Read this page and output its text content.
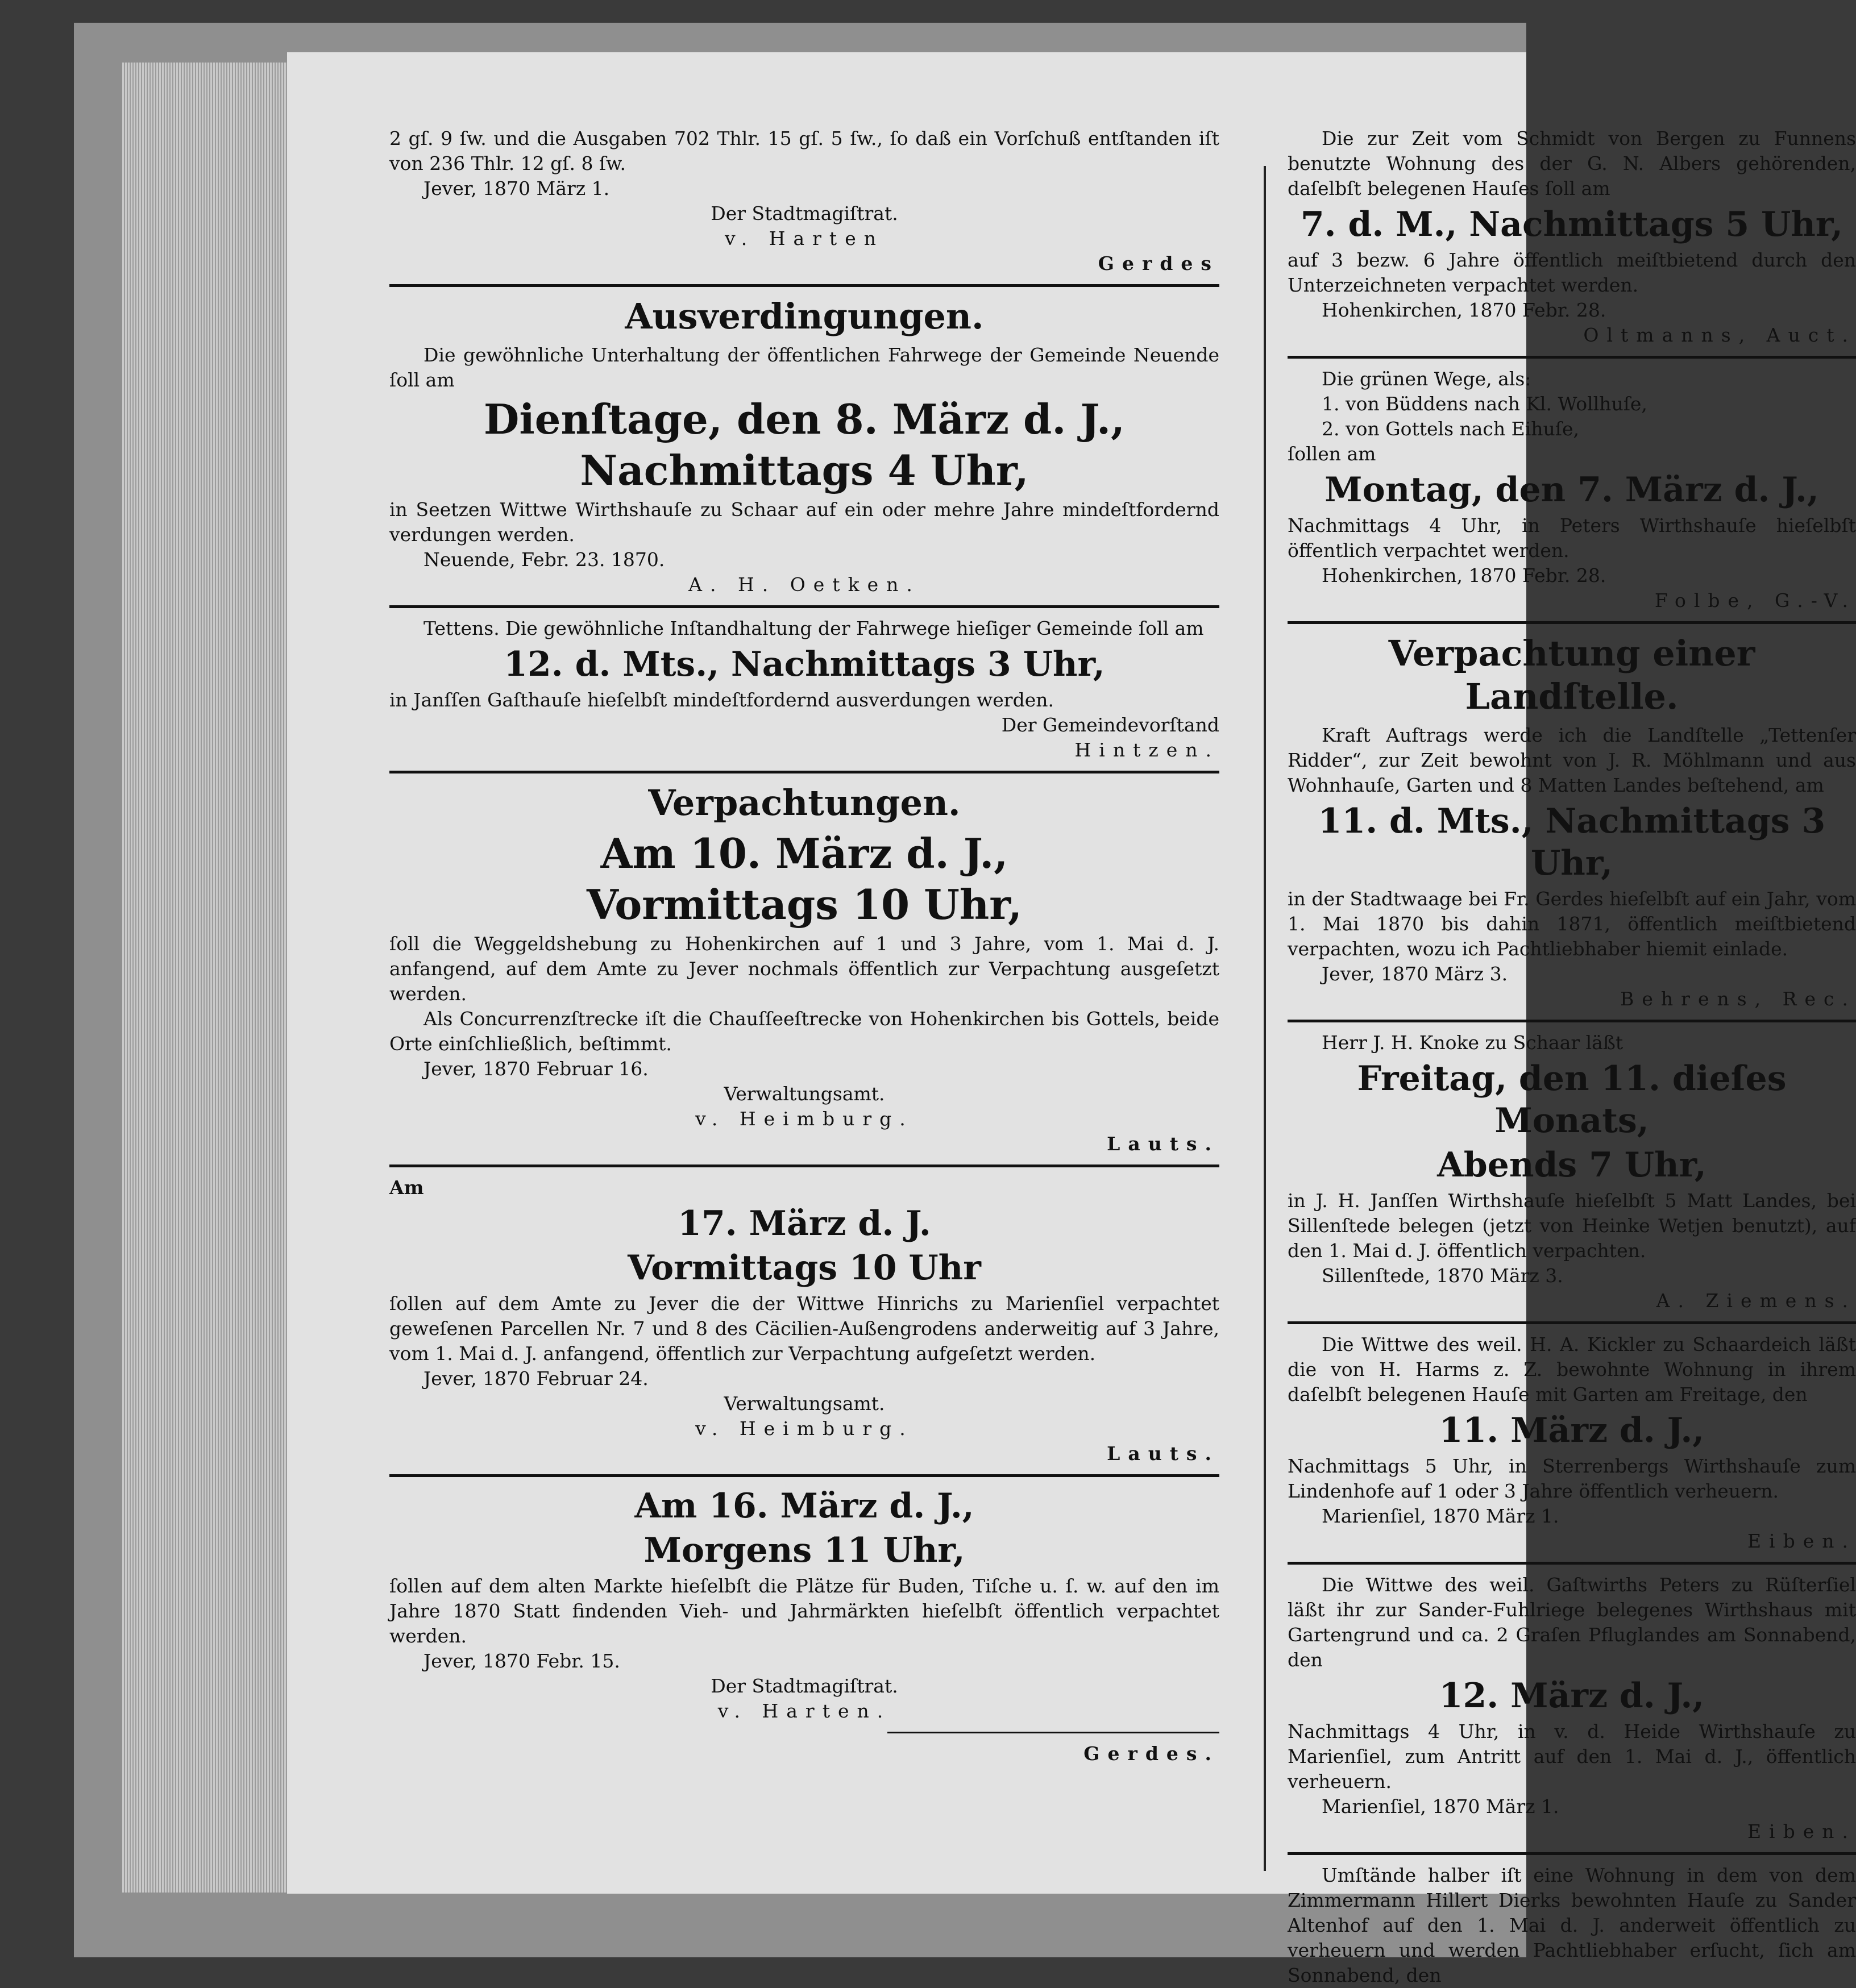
2 gſ. 9 ſw. und die Ausgaben 702 Thlr. 15 gſ. 5 ſw., ſo daß ein Vorſchuß entſtanden iſt von 236 Thlr. 12 gſ. 8 ſw.

Jever, 1870 März 1.

Der Stadtmagiſtrat.

v. Harten

Gerdes

Ausverdingungen.

Die gewöhnliche Unterhaltung der öffentlichen Fahrwege der Gemeinde Neuende ſoll am

Dienſtage, den 8. März d. J.,
Nachmittags 4 Uhr,

in Seetzen Wittwe Wirthshauſe zu Schaar auf ein oder mehre Jahre mindeſtfordernd verdungen werden.

Neuende, Febr. 23. 1870.

A. H. Oetken.

Tettens. Die gewöhnliche Inſtandhaltung der Fahrwege hieſiger Gemeinde ſoll am

12. d. Mts., Nachmittags 3 Uhr,

in Janſſen Gaſthauſe hieſelbſt mindeſtfordernd ausverdungen werden.

Der Gemeindevorſtand

Hintzen.

Verpachtungen.
Am 10. März d. J.,
Vormittags 10 Uhr,

ſoll die Weggeldshebung zu Hohenkirchen auf 1 und 3 Jahre, vom 1. Mai d. J. anfangend, auf dem Amte zu Jever nochmals öffentlich zur Verpachtung ausgeſetzt werden.

Als Concurrenzſtrecke iſt die Chauſſeeſtrecke von Hohenkirchen bis Gottels, beide Orte einſchließlich, beſtimmt.

Jever, 1870 Februar 16.

Verwaltungsamt.

v. Heimburg.

Lauts.

Am

17. März d. J.
Vormittags 10 Uhr

ſollen auf dem Amte zu Jever die der Wittwe Hinrichs zu Marienſiel verpachtet geweſenen Parcellen Nr. 7 und 8 des Cäcilien-Außengrodens anderweitig auf 3 Jahre, vom 1. Mai d. J. anfangend, öffentlich zur Verpachtung aufgeſetzt werden.

Jever, 1870 Februar 24.

Verwaltungsamt.

v. Heimburg.

Lauts.

Am 16. März d. J.,
Morgens 11 Uhr,

ſollen auf dem alten Markte hieſelbſt die Plätze für Buden, Tiſche u. ſ. w. auf den im Jahre 1870 Statt findenden Vieh- und Jahrmärkten hieſelbſt öffentlich verpachtet werden.

Jever, 1870 Febr. 15.

Der Stadtmagiſtrat.

v. Harten.

Gerdes.

Die zur Zeit vom Schmidt von Bergen zu Funnens benutzte Wohnung des der G. N. Albers gehörenden, daſelbſt belegenen Hauſes ſoll am

7. d. M., Nachmittags 5 Uhr,

auf 3 bezw. 6 Jahre öffentlich meiſtbietend durch den Unterzeichneten verpachtet werden.

Hohenkirchen, 1870 Febr. 28.

Oltmanns, Auct.

Die grünen Wege, als:

1. von Büddens nach Kl. Wollhuſe,

2. von Gottels nach Eihuſe,

ſollen am

Montag, den 7. März d. J.,

Nachmittags 4 Uhr, in Peters Wirthshauſe hieſelbſt öffentlich verpachtet werden.

Hohenkirchen, 1870 Febr. 28.

Folbe, G.-V.

Verpachtung einer Landſtelle.

Kraft Auftrags werde ich die Landſtelle „Tettenſer Ridder“, zur Zeit bewohnt von J. R. Möhlmann und aus Wohnhauſe, Garten und 8 Matten Landes beſtehend, am

11. d. Mts., Nachmittags 3 Uhr,

in der Stadtwaage bei Fr. Gerdes hieſelbſt auf ein Jahr, vom 1. Mai 1870 bis dahin 1871, öffentlich meiſtbietend verpachten, wozu ich Pachtliebhaber hiemit einlade.

Jever, 1870 März 3.

Behrens, Rec.

Herr J. H. Knoke zu Schaar läßt

Freitag, den 11. dieſes Monats,
Abends 7 Uhr,

in J. H. Janſſen Wirthshauſe hieſelbſt 5 Matt Landes, bei Sillenſtede belegen (jetzt von Heinke Wetjen benutzt), auf den 1. Mai d. J. öffentlich verpachten.

Sillenſtede, 1870 März 3.

A. Ziemens.

Die Wittwe des weil. H. A. Kickler zu Schaardeich läßt die von H. Harms z. Z. bewohnte Wohnung in ihrem daſelbſt belegenen Hauſe mit Garten am Freitage, den

11. März d. J.,

Nachmittags 5 Uhr, in Sterrenbergs Wirthshauſe zum Lindenhofe auf 1 oder 3 Jahre öffentlich verheuern.

Marienſiel, 1870 März 1.

Eiben.

Die Wittwe des weil. Gaſtwirths Peters zu Rüſterſiel läßt ihr zur Sander-Fuhlriege belegenes Wirthshaus mit Gartengrund und ca. 2 Graſen Pfluglandes am Sonnabend, den

12. März d. J.,

Nachmittags 4 Uhr, in v. d. Heide Wirthshauſe zu Marienſiel, zum Antritt auf den 1. Mai d. J., öffentlich verheuern.

Marienſiel, 1870 März 1.

Eiben.

Umſtände halber iſt eine Wohnung in dem von dem Zimmermann Hillert Dierks bewohnten Hauſe zu Sander Altenhof auf den 1. Mai d. J. anderweit öffentlich zu verheuern und werden Pachtliebhaber erſucht, ſich am Sonnabend, den
